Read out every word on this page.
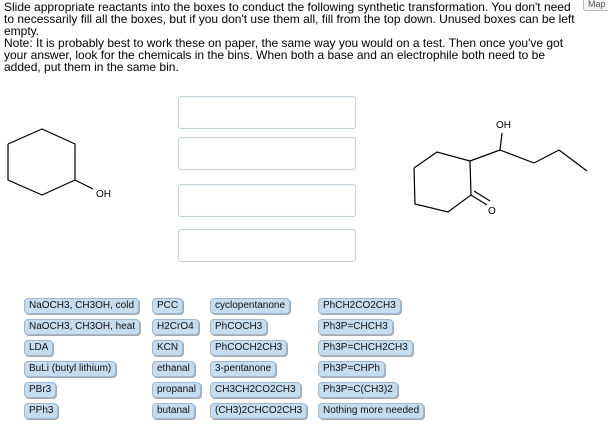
Slide appropriate reactants into the boxes to conduct the following synthetic transformation. You don't need

to necessarily fill all the boxes, but if you don't use them all, fill from the top down. Unused boxes can be left

empty.

Note: It is probably best to work these on paper, the same way you would on a test. Then once you've got

your answer, look for the chemicals in the bins. When both a base and an electrophile both need to be

added, put them in the same bin.

Map
OH
OH
O
NaOCH3, CH3OH, cold
NaOCH3, CH3OH, heat
LDA
BuLi (butyl lithium)
PBr3
PPh3
PCC
H2CrO4
KCN
ethanal
propanal
butanal
cyclopentanone
PhCOCH3
PhCOCH2CH3
3-pentanone
CH3CH2CO2CH3
(CH3)2CHCO2CH3
PhCH2CO2CH3
Ph3P=CHCH3
Ph3P=CHCH2CH3
Ph3P=CHPh
Ph3P=C(CH3)2
Nothing more needed
